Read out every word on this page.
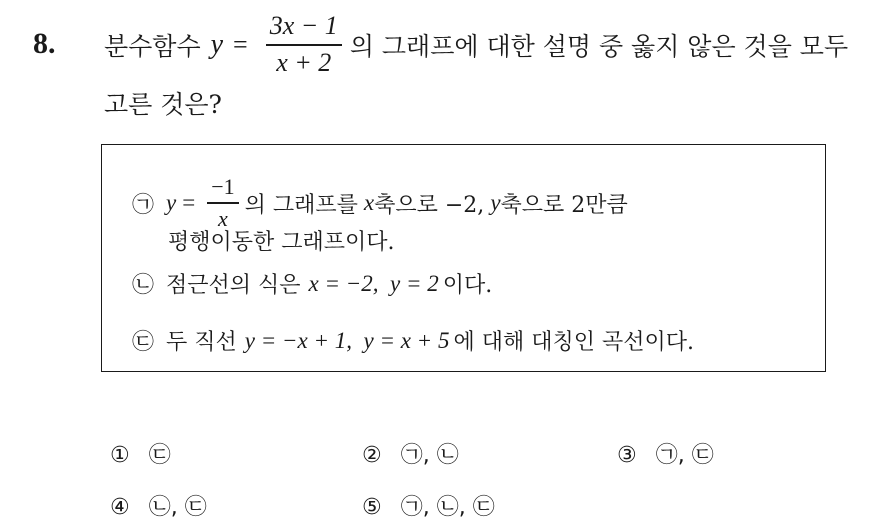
8. 분수함수 $y = \frac{3x - 1}{x + 2}$ 의 그래프에 대한 설명 중 옳지 않은 것을 모두
고른 것은?
㉠ $y = \frac{-1}{x}$ 의 그래프를 x 축으로 −2, y 축으로 2만큼
평행이동한 그래프이다.
㉡ 점근선의 식은 x = −2,  y = 2 이다.
㉢ 두 직선 y = −x + 1,  y = x + 5 에 대해 대칭인 곡선이다.
① ㉢	② ㉠, ㉡	③ ㉠, ㉢
④ ㉡, ㉢	⑤ ㉠, ㉡, ㉢
